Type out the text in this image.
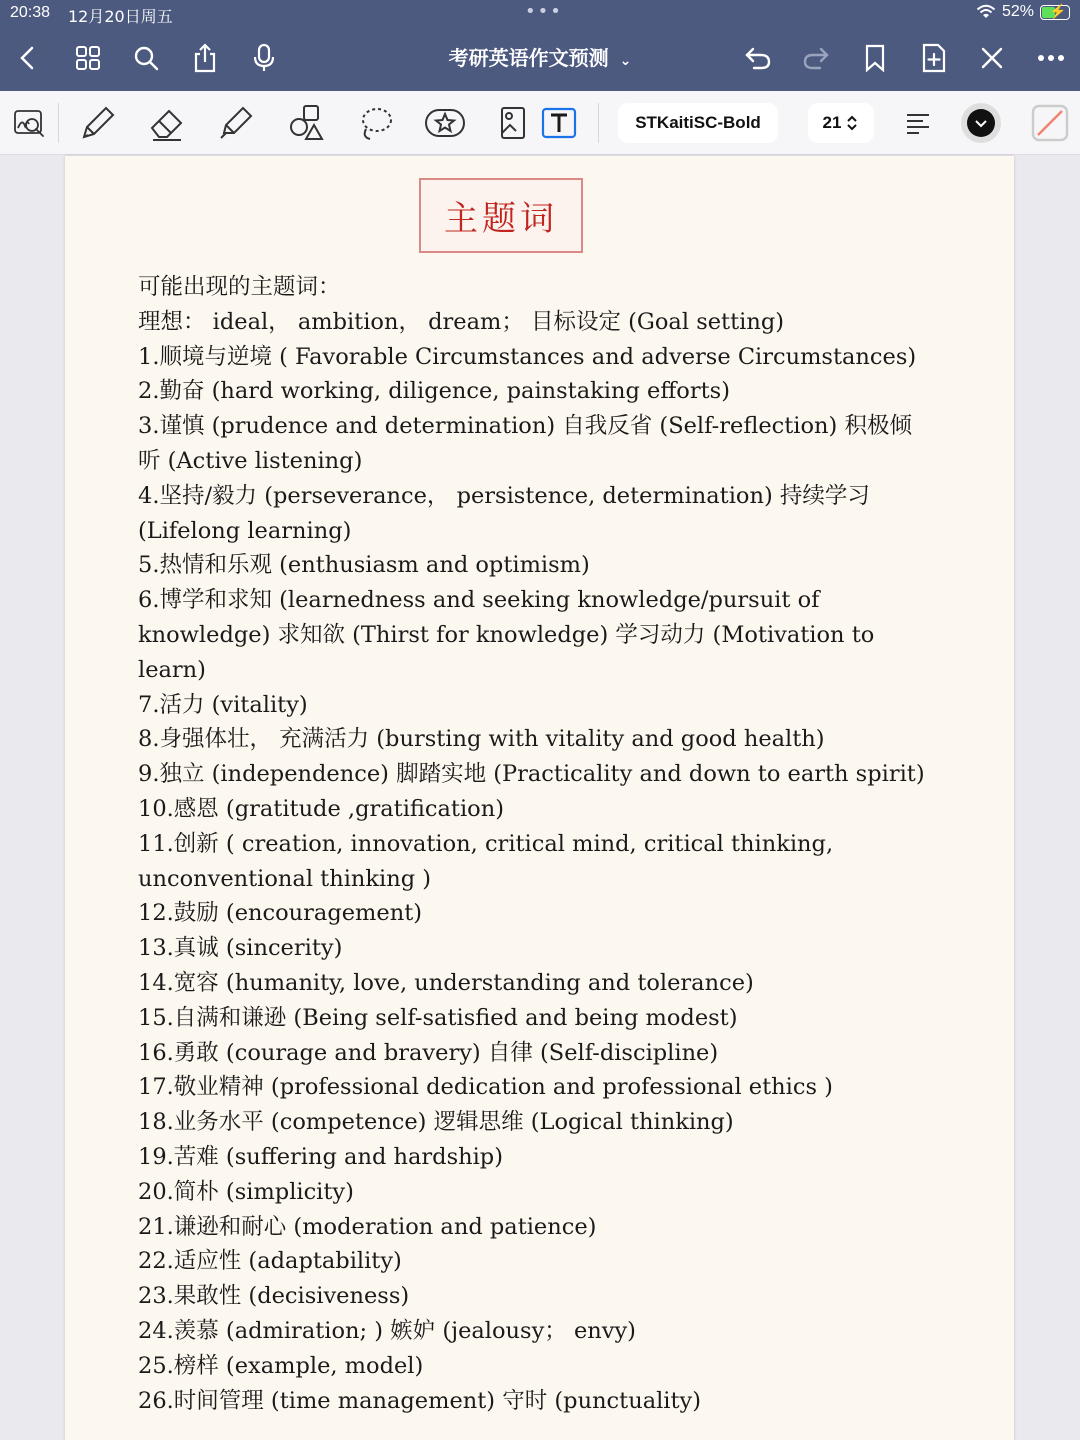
20:38 12月20日周五	•••	52% ⚡
考研英语作文预测 ⌄
STKaitiSC-Bold	21
主题词
可能出现的主题词：
理想： ideal， ambition， dream； 目标设定 (Goal setting)
1.顺境与逆境 ( Favorable Circumstances and adverse Circumstances)
2.勤奋 (hard working, diligence, painstaking efforts)
3.谨慎 (prudence and determination) 自我反省 (Self-reflection) 积极倾
听 (Active listening)
4.坚持/毅力 (perseverance， persistence, determination) 持续学习
(Lifelong learning)
5.热情和乐观 (enthusiasm and optimism)
6.博学和求知 (learnedness and seeking knowledge/pursuit of
knowledge) 求知欲 (Thirst for knowledge) 学习动力 (Motivation to
learn)
7.活力 (vitality)
8.身强体壮， 充满活力 (bursting with vitality and good health)
9.独立 (independence) 脚踏实地 (Practicality and down to earth spirit)
10.感恩 (gratitude ,gratification)
11.创新 ( creation, innovation, critical mind, critical thinking,
unconventional thinking )
12.鼓励 (encouragement)
13.真诚 (sincerity)
14.宽容 (humanity, love, understanding and tolerance)
15.自满和谦逊 (Being self-satisfied and being modest)
16.勇敢 (courage and bravery) 自律 (Self-discipline)
17.敬业精神 (professional dedication and professional ethics )
18.业务水平 (competence) 逻辑思维 (Logical thinking)
19.苦难 (suffering and hardship)
20.简朴 (simplicity)
21.谦逊和耐心 (moderation and patience)
22.适应性 (adaptability)
23.果敢性 (decisiveness)
24.羡慕 (admiration; ) 嫉妒 (jealousy； envy)
25.榜样 (example, model)
26.时间管理 (time management) 守时 (punctuality)
